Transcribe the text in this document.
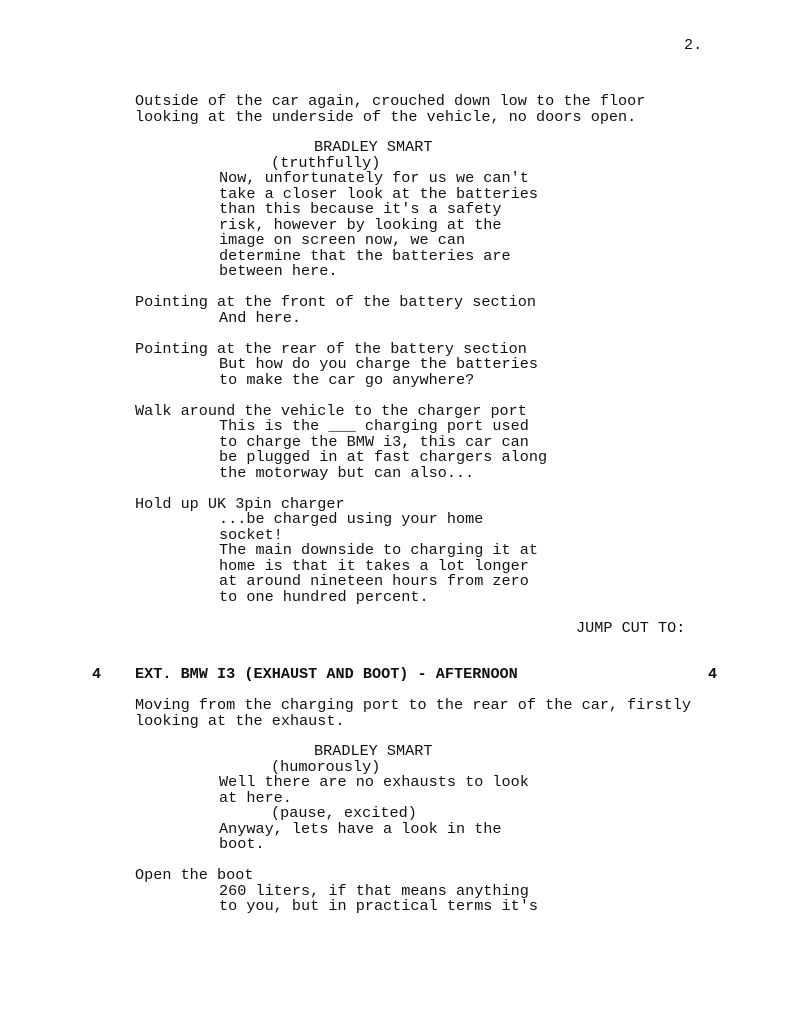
2.
Outside of the car again, crouched down low to the floor
looking at the underside of the vehicle, no doors open.
BRADLEY SMART
(truthfully)
Now, unfortunately for us we can't
take a closer look at the batteries
than this because it's a safety
risk, however by looking at the
image on screen now, we can
determine that the batteries are
between here.
Pointing at the front of the battery section
And here.
Pointing at the rear of the battery section
But how do you charge the batteries
to make the car go anywhere?
Walk around the vehicle to the charger port
This is the ___ charging port used
to charge the BMW i3, this car can
be plugged in at fast chargers along
the motorway but can also...
Hold up UK 3pin charger
...be charged using your home
socket!
The main downside to charging it at
home is that it takes a lot longer
at around nineteen hours from zero
to one hundred percent.
JUMP CUT TO:
4 EXT. BMW I3 (EXHAUST AND BOOT) - AFTERNOON	4
Moving from the charging port to the rear of the car, firstly
looking at the exhaust.
BRADLEY SMART
(humorously)
Well there are no exhausts to look
at here.
(pause, excited)
Anyway, lets have a look in the
boot.
Open the boot
260 liters, if that means anything
to you, but in practical terms it's
